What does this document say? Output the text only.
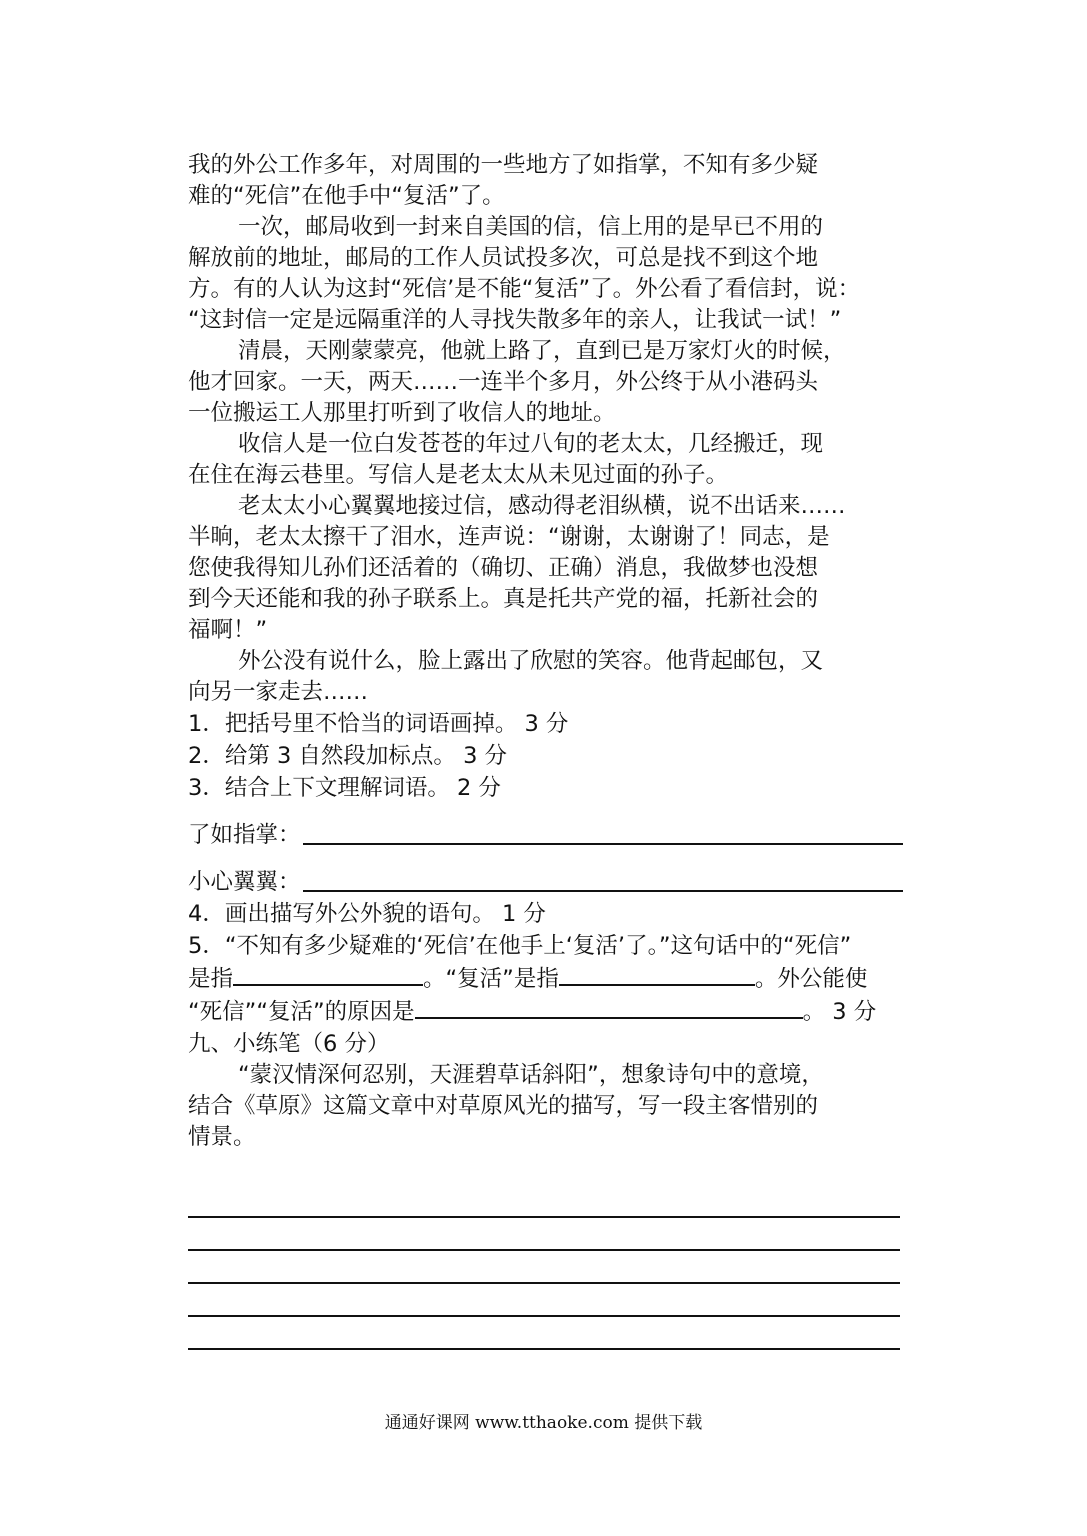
我的外公工作多年，对周围的一些地方了如指掌，不知有多少疑

难的“死信”在他手中“复活”了。

一次，邮局收到一封来自美国的信，信上用的是早已不用的

解放前的地址，邮局的工作人员试投多次，可总是找不到这个地

方。有的人认为这封“死信’是不能“复活”了。外公看了看信封，说：

“这封信一定是远隔重洋的人寻找失散多年的亲人，让我试一试！”

清晨，天刚蒙蒙亮，他就上路了，直到已是万家灯火的时候，

他才回家。一天，两天……一连半个多月，外公终于从小港码头

一位搬运工人那里打听到了收信人的地址。

收信人是一位白发苍苍的年过八旬的老太太，几经搬迁，现

在住在海云巷里。写信人是老太太从未见过面的孙子。

老太太小心翼翼地接过信，感动得老泪纵横，说不出话来……

半晌，老太太擦干了泪水，连声说：“谢谢，太谢谢了！同志，是

您使我得知儿孙们还活着的（确切、正确）消息，我做梦也没想

到今天还能和我的孙子联系上。真是托共产党的福，托新社会的

福啊！”

外公没有说什么，脸上露出了欣慰的笑容。他背起邮包，又

向另一家走去……

1．把括号里不恰当的词语画掉。 3 分

2．给第 3 自然段加标点。 3 分

3．结合上下文理解词语。 2 分

了如指掌：
小心翼翼：

4．画出描写外公外貌的语句。 1 分

5．“不知有多少疑难的‘死信’在他手上‘复活’了。”这句话中的“死信”

是指	。“复活”是指	。外公能使

“死信”“复活”的原因是	。 3 分

九、小练笔（6 分）

“蒙汉情深何忍别，天涯碧草话斜阳”，想象诗句中的意境，

结合《草原》这篇文章中对草原风光的描写，写一段主客惜别的

情景。

通通好课网 www.tthaoke.com 提供下载
